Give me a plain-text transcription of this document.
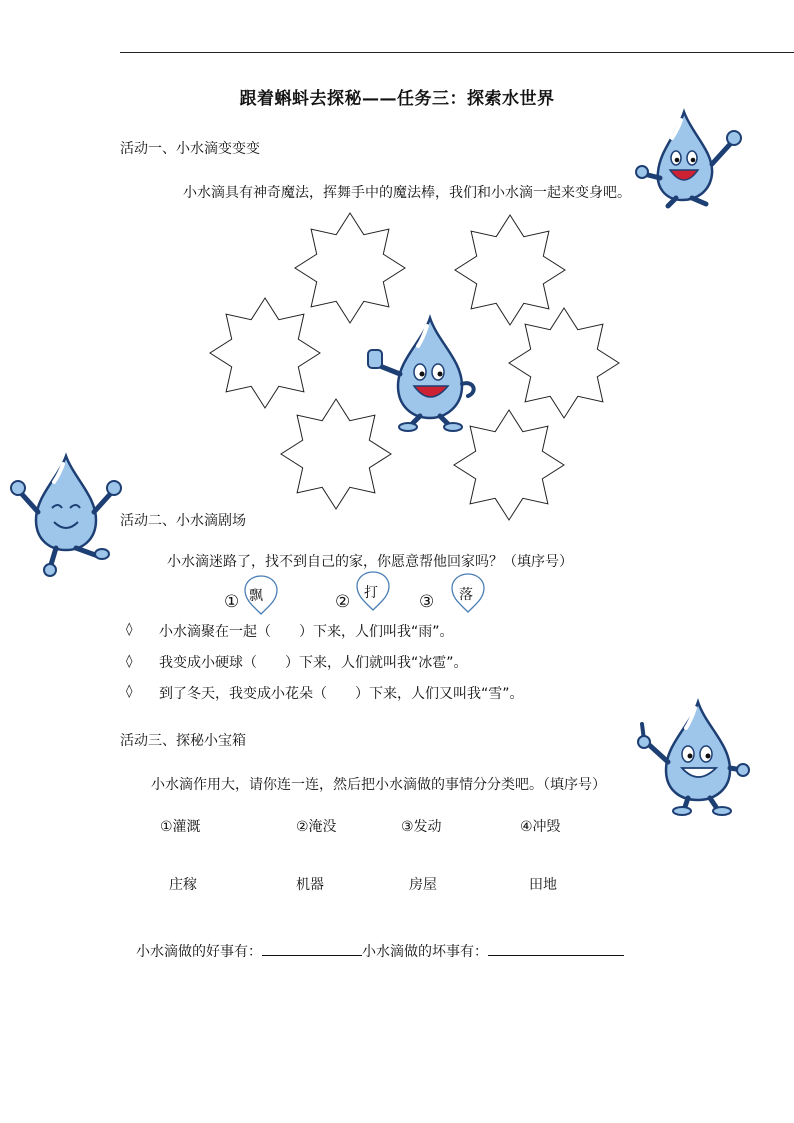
跟着蝌蚪去探秘——任务三：探索水世界
活动一、小水滴变变变
小水滴具有神奇魔法，挥舞手中的魔法棒，我们和小水滴一起来变身吧。
活动二、小水滴剧场
小水滴迷路了，找不到自己的家，你愿意帮他回家吗？（填序号）
① 飘	② 打 ③ 落
◊ 小水滴聚在一起（　　）下来，人们叫我“雨”。
◊ 我变成小硬球（　　）下来，人们就叫我“冰雹”。
◊ 到了冬天，我变成小花朵（　　）下来，人们又叫我“雪”。
活动三、探秘小宝箱
小水滴作用大，请你连一连，然后把小水滴做的事情分分类吧。（填序号）
①灌溉	②淹没	③发动	④冲毁
庄稼	机器	房屋	田地
小水滴做的好事有：	小水滴做的坏事有：
